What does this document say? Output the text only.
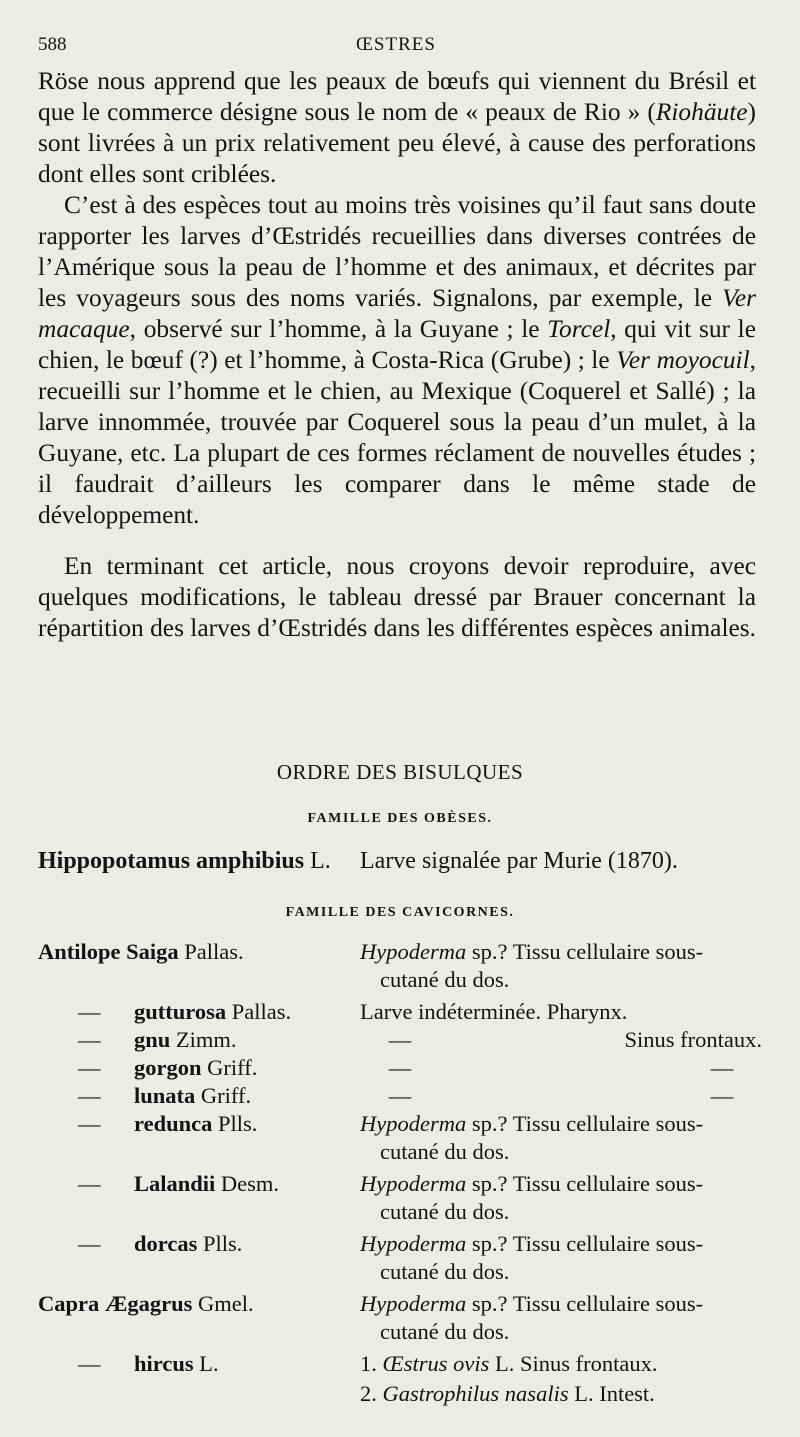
588	ŒSTRES

Röse nous apprend que les peaux de bœufs qui viennent du Brésil et que le commerce désigne sous le nom de « peaux de Rio » (Riohäute) sont livrées à un prix relativement peu élevé, à cause des perforations dont elles sont criblées.

C’est à des espèces tout au moins très voisines qu’il faut sans doute rapporter les larves d’Œstridés recueillies dans diverses contrées de l’Amérique sous la peau de l’homme et des animaux, et décrites par les voyageurs sous des noms variés. Signalons, par exemple, le Ver macaque, observé sur l’homme, à la Guyane ; le Torcel, qui vit sur le chien, le bœuf (?) et l’homme, à Costa-Rica (Grube) ; le Ver moyocuil, recueilli sur l’homme et le chien, au Mexique (Coquerel et Sallé) ; la larve innommée, trouvée par Coquerel sous la peau d’un mulet, à la Guyane, etc. La plupart de ces formes réclament de nouvelles études ; il faudrait d’ailleurs les comparer dans le même stade de développement.

En terminant cet article, nous croyons devoir reproduire, avec quelques modifications, le tableau dressé par Brauer concernant la répartition des larves d’Œstridés dans les différentes espèces animales.

ORDRE DES BISULQUES
FAMILLE DES OBÈSES.
Hippopotamus amphibius L. Larve signalée par Murie (1870).
FAMILLE DES CAVICORNES.
Antilope Saiga Pallas.	Hypoderma sp.? Tissu cellulaire sous-
cutané du dos.
— gutturosa Pallas.	Larve indéterminée. Pharynx.
— gnu Zimm.	—	Sinus frontaux.
— gorgon Griff.	—	—
— lunata Griff.	—	—
— redunca Plls.	Hypoderma sp.? Tissu cellulaire sous-
cutané du dos.
— Lalandii Desm.	Hypoderma sp.? Tissu cellulaire sous-
cutané du dos.
— dorcas Plls.	Hypoderma sp.? Tissu cellulaire sous-
cutané du dos.
Capra Ægagrus Gmel.	Hypoderma sp.? Tissu cellulaire sous-
cutané du dos.
— hircus L.	1. Œstrus ovis L. Sinus frontaux.
2. Gastrophilus nasalis L. Intest.
